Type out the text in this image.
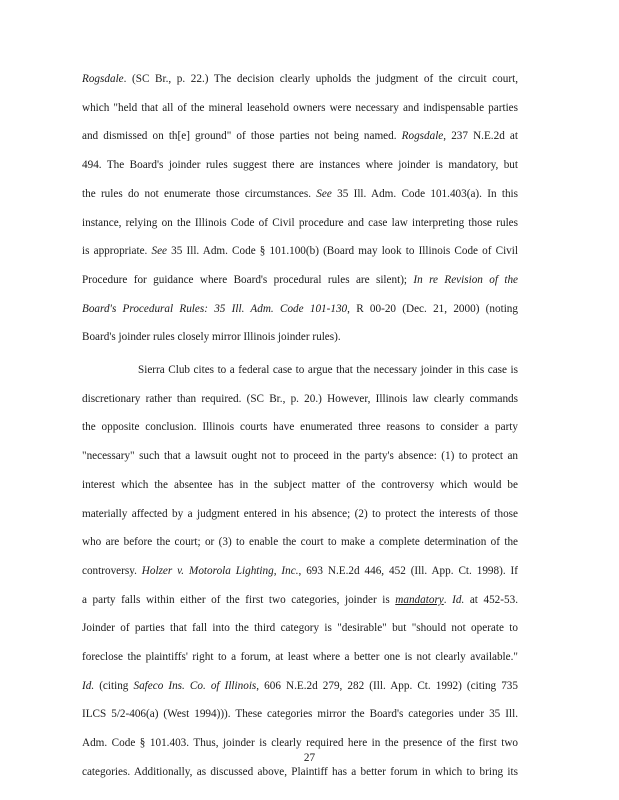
Rogsdale. (SC Br., p. 22.) The decision clearly upholds the judgment of the circuit court,
which "held that all of the mineral leasehold owners were necessary and indispensable parties
and dismissed on th[e] ground" of those parties not being named. Rogsdale, 237 N.E.2d at
494. The Board's joinder rules suggest there are instances where joinder is mandatory, but
the rules do not enumerate those circumstances. See 35 Ill. Adm. Code 101.403(a). In this
instance, relying on the Illinois Code of Civil procedure and case law interpreting those rules
is appropriate. See 35 Ill. Adm. Code § 101.100(b) (Board may look to Illinois Code of Civil
Procedure for guidance where Board's procedural rules are silent); In re Revision of the
Board's Procedural Rules: 35 Ill. Adm. Code 101-130, R 00-20 (Dec. 21, 2000) (noting
Board's joinder rules closely mirror Illinois joinder rules).
Sierra Club cites to a federal case to argue that the necessary joinder in this case is
discretionary rather than required. (SC Br., p. 20.) However, Illinois law clearly commands
the opposite conclusion. Illinois courts have enumerated three reasons to consider a party
"necessary" such that a lawsuit ought not to proceed in the party's absence: (1) to protect an
interest which the absentee has in the subject matter of the controversy which would be
materially affected by a judgment entered in his absence; (2) to protect the interests of those
who are before the court; or (3) to enable the court to make a complete determination of the
controversy. Holzer v. Motorola Lighting, Inc., 693 N.E.2d 446, 452 (Ill. App. Ct. 1998). If
a party falls within either of the first two categories, joinder is mandatory. Id. at 452-53.
Joinder of parties that fall into the third category is "desirable" but "should not operate to
foreclose the plaintiffs' right to a forum, at least where a better one is not clearly available."
Id. (citing Safeco Ins. Co. of Illinois, 606 N.E.2d 279, 282 (Ill. App. Ct. 1992) (citing 735
ILCS 5/2-406(a) (West 1994))). These categories mirror the Board's categories under 35 Ill.
Adm. Code § 101.403. Thus, joinder is clearly required here in the presence of the first two
categories. Additionally, as discussed above, Plaintiff has a better forum in which to bring its
27
